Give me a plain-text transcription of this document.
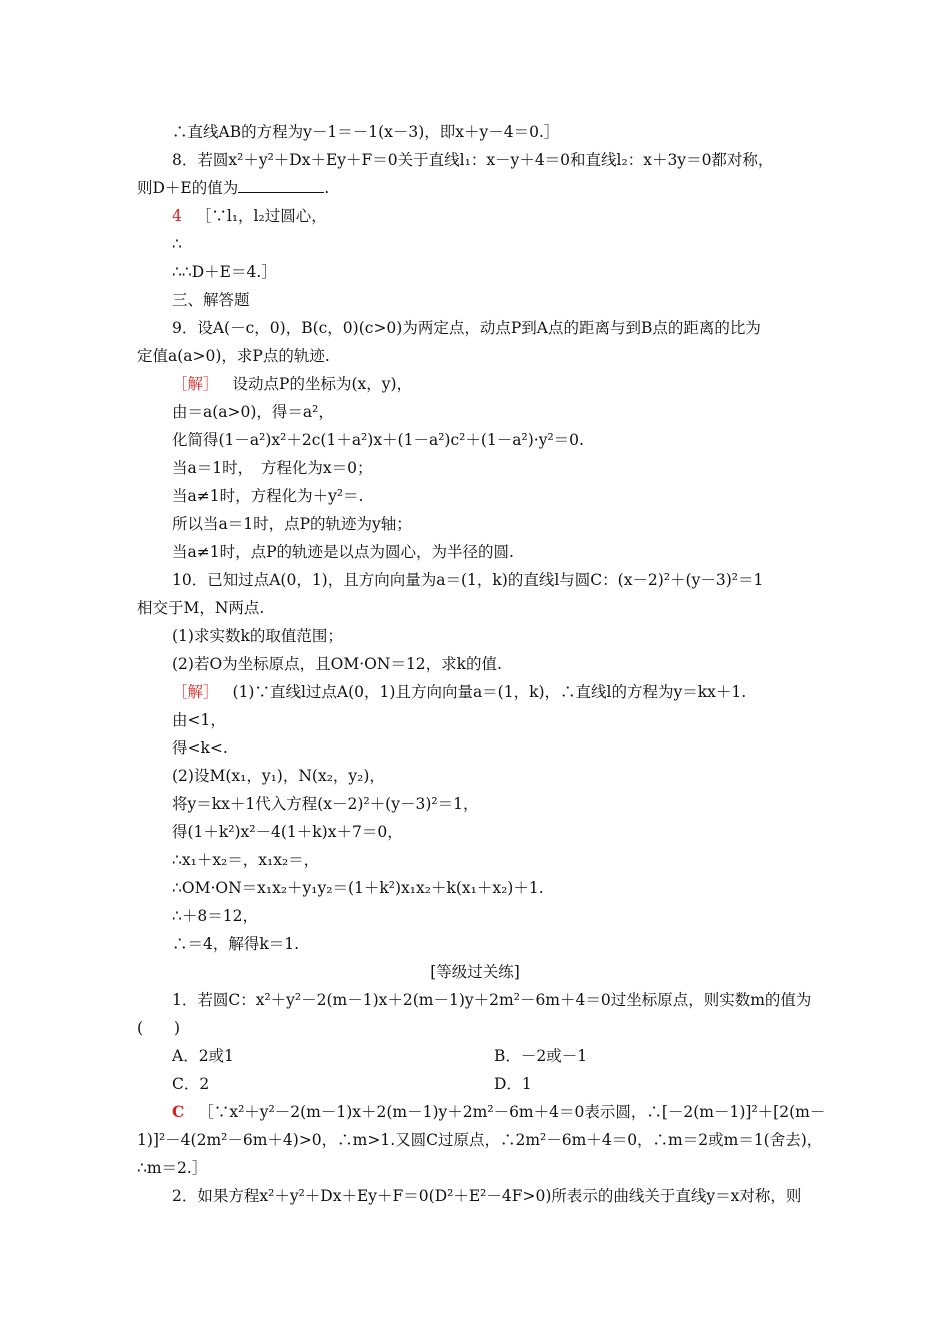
∴直线AB的方程为y－1＝－1(x－3)，即x＋y－4＝0.］
8．若圆x²＋y²＋Dx＋Ey＋F＝0关于直线l₁：x－y＋4＝0和直线l₂：x＋3y＝0都对称，
则D＋E的值为	.
4 ［∵l₁，l₂过圆心，
∴
∴∴D＋E＝4.］
三、解答题
9．设A(－c，0)，B(c，0)(c>0)为两定点，动点P到A点的距离与到B点的距离的比为
定值a(a>0)，求P点的轨迹.
［解］ 设动点P的坐标为(x，y)，
由＝a(a>0)，得＝a²，
化简得(1－a²)x²＋2c(1＋a²)x＋(1－a²)c²＋(1－a²)·y²＝0.
当a＝1时，　方程化为x＝0；
当a≠1时，方程化为＋y²＝.
所以当a＝1时，点P的轨迹为y轴；
当a≠1时，点P的轨迹是以点为圆心，为半径的圆.
10．已知过点A(0，1)，且方向向量为a＝(1，k)的直线l与圆C：(x－2)²＋(y－3)²＝1
相交于M，N两点.
(1)求实数k的取值范围；
(2)若O为坐标原点，且OM·ON＝12，求k的值.
［解］ (1)∵直线l过点A(0，1)且方向向量a＝(1，k)，∴直线l的方程为y＝kx＋1.
由<1，
得<k<.
(2)设M(x₁，y₁)，N(x₂，y₂)，
将y＝kx＋1代入方程(x－2)²＋(y－3)²＝1，
得(1＋k²)x²－4(1＋k)x＋7＝0，
∴x₁＋x₂＝，x₁x₂＝，
∴OM·ON＝x₁x₂＋y₁y₂＝(1＋k²)x₁x₂＋k(x₁＋x₂)＋1.
∴＋8＝12，
∴＝4，解得k＝1.
[等级过关练]
1．若圆C：x²＋y²－2(m－1)x＋2(m－1)y＋2m²－6m＋4＝0过坐标原点，则实数m的值为
(　　)
A．2或1	B．－2或－1
C．2	D．1
C ［∵x²＋y²－2(m－1)x＋2(m－1)y＋2m²－6m＋4＝0表示圆，∴[－2(m－1)]²＋[2(m－
1)]²－4(2m²－6m＋4)>0，∴m>1.又圆C过原点，∴2m²－6m＋4＝0，∴m＝2或m＝1(舍去)，
∴m＝2.］
2．如果方程x²＋y²＋Dx＋Ey＋F＝0(D²＋E²－4F>0)所表示的曲线关于直线y＝x对称，则
